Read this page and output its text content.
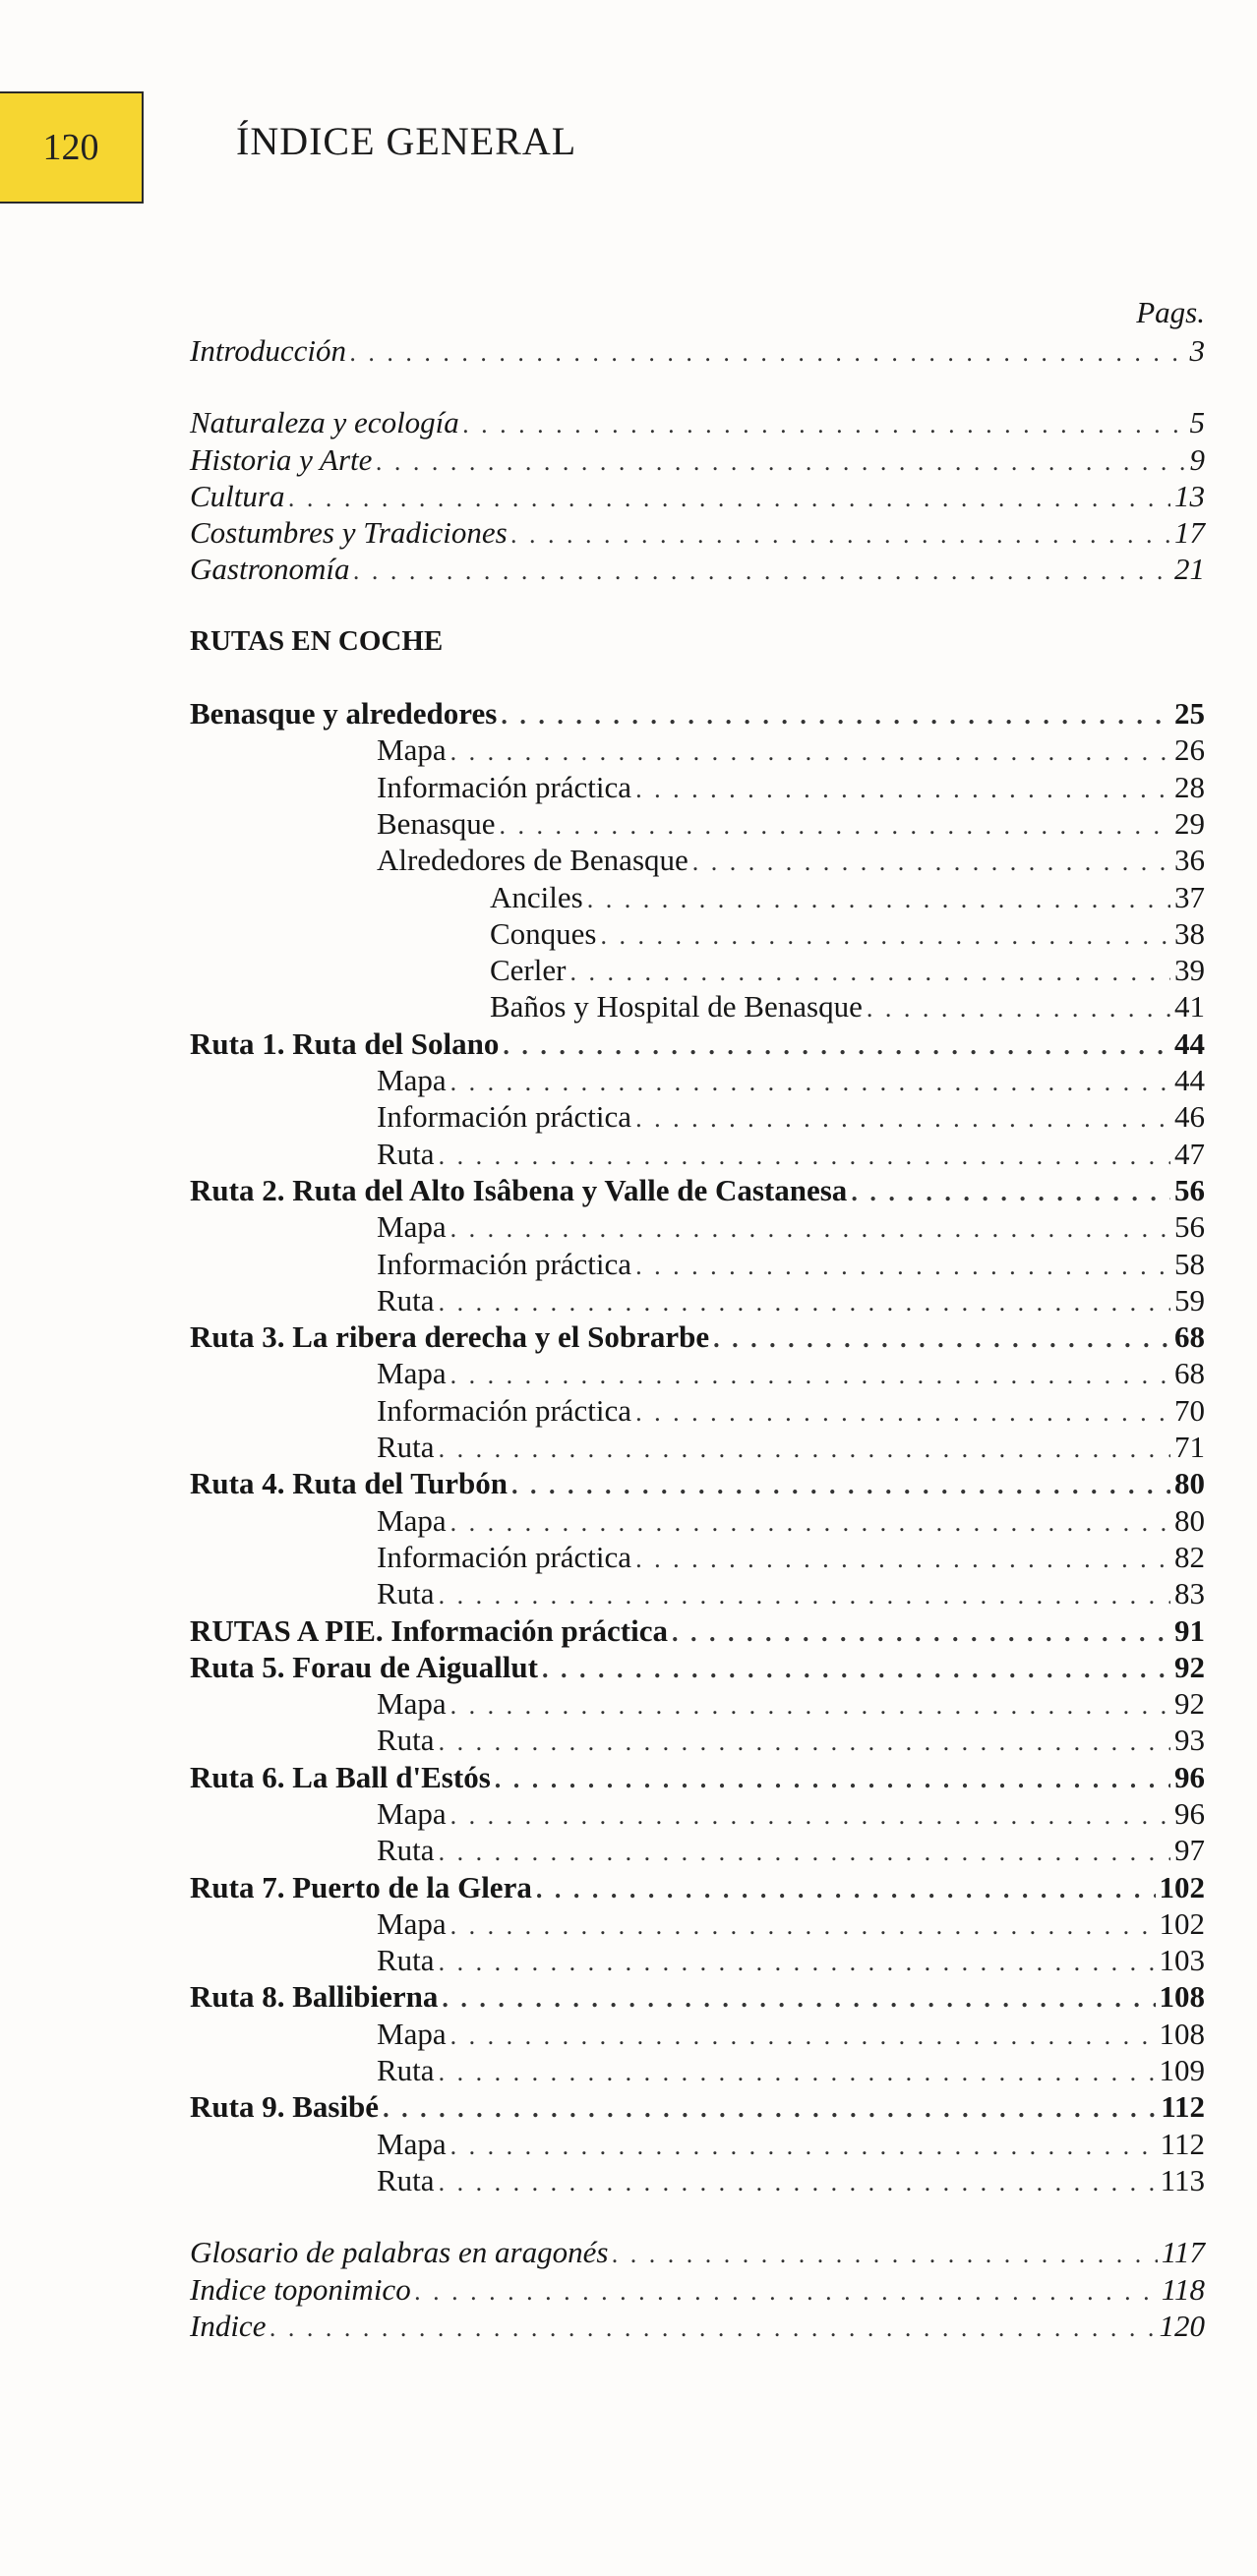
120	ÍNDICE GENERAL
Pags.
Introducción . . .	3
Naturaleza y ecología . . .	5
Historia y Arte . . .	9
Cultura . . .	13
Costumbres y Tradiciones . . .	17
Gastronomía . . .	21
RUTAS EN COCHE
Benasque y alrededores . . .	25
Mapa . . .	26
Información práctica . . .	28
Benasque . . .	29
Alrededores de Benasque . . .	36
Anciles . . .	37
Conques . . .	38
Cerler . . .	39
Baños y Hospital de Benasque . . .	41
Ruta 1. Ruta del Solano . . .	44
Mapa . . .	44
Información práctica . . .	46
Ruta . . .	47
Ruta 2. Ruta del Alto Isâbena y Valle de Castanesa . . .	56
Mapa . . .	56
Información práctica . . .	58
Ruta . . .	59
Ruta 3. La ribera derecha y el Sobrarbe . . .	68
Mapa . . .	68
Información práctica . . .	70
Ruta . . .	71
Ruta 4. Ruta del Turbón . . .	80
Mapa . . .	80
Información práctica . . .	82
Ruta . . .	83
RUTAS A PIE. Información práctica . . .	91
Ruta 5. Forau de Aiguallut . . .	92
Mapa . . .	92
Ruta . . .	93
Ruta 6. La Ball d'Estós . . .	96
Mapa . . .	96
Ruta . . .	97
Ruta 7. Puerto de la Glera . . .	102
Mapa . . .	102
Ruta . . .	103
Ruta 8. Ballibierna . . .	108
Mapa . . .	108
Ruta . . .	109
Ruta 9. Basibé . . .	112
Mapa . . .	112
Ruta . . .	113
Glosario de palabras en aragonés . . .	117
Indice toponimico . . .	118
Indice . . .	120
